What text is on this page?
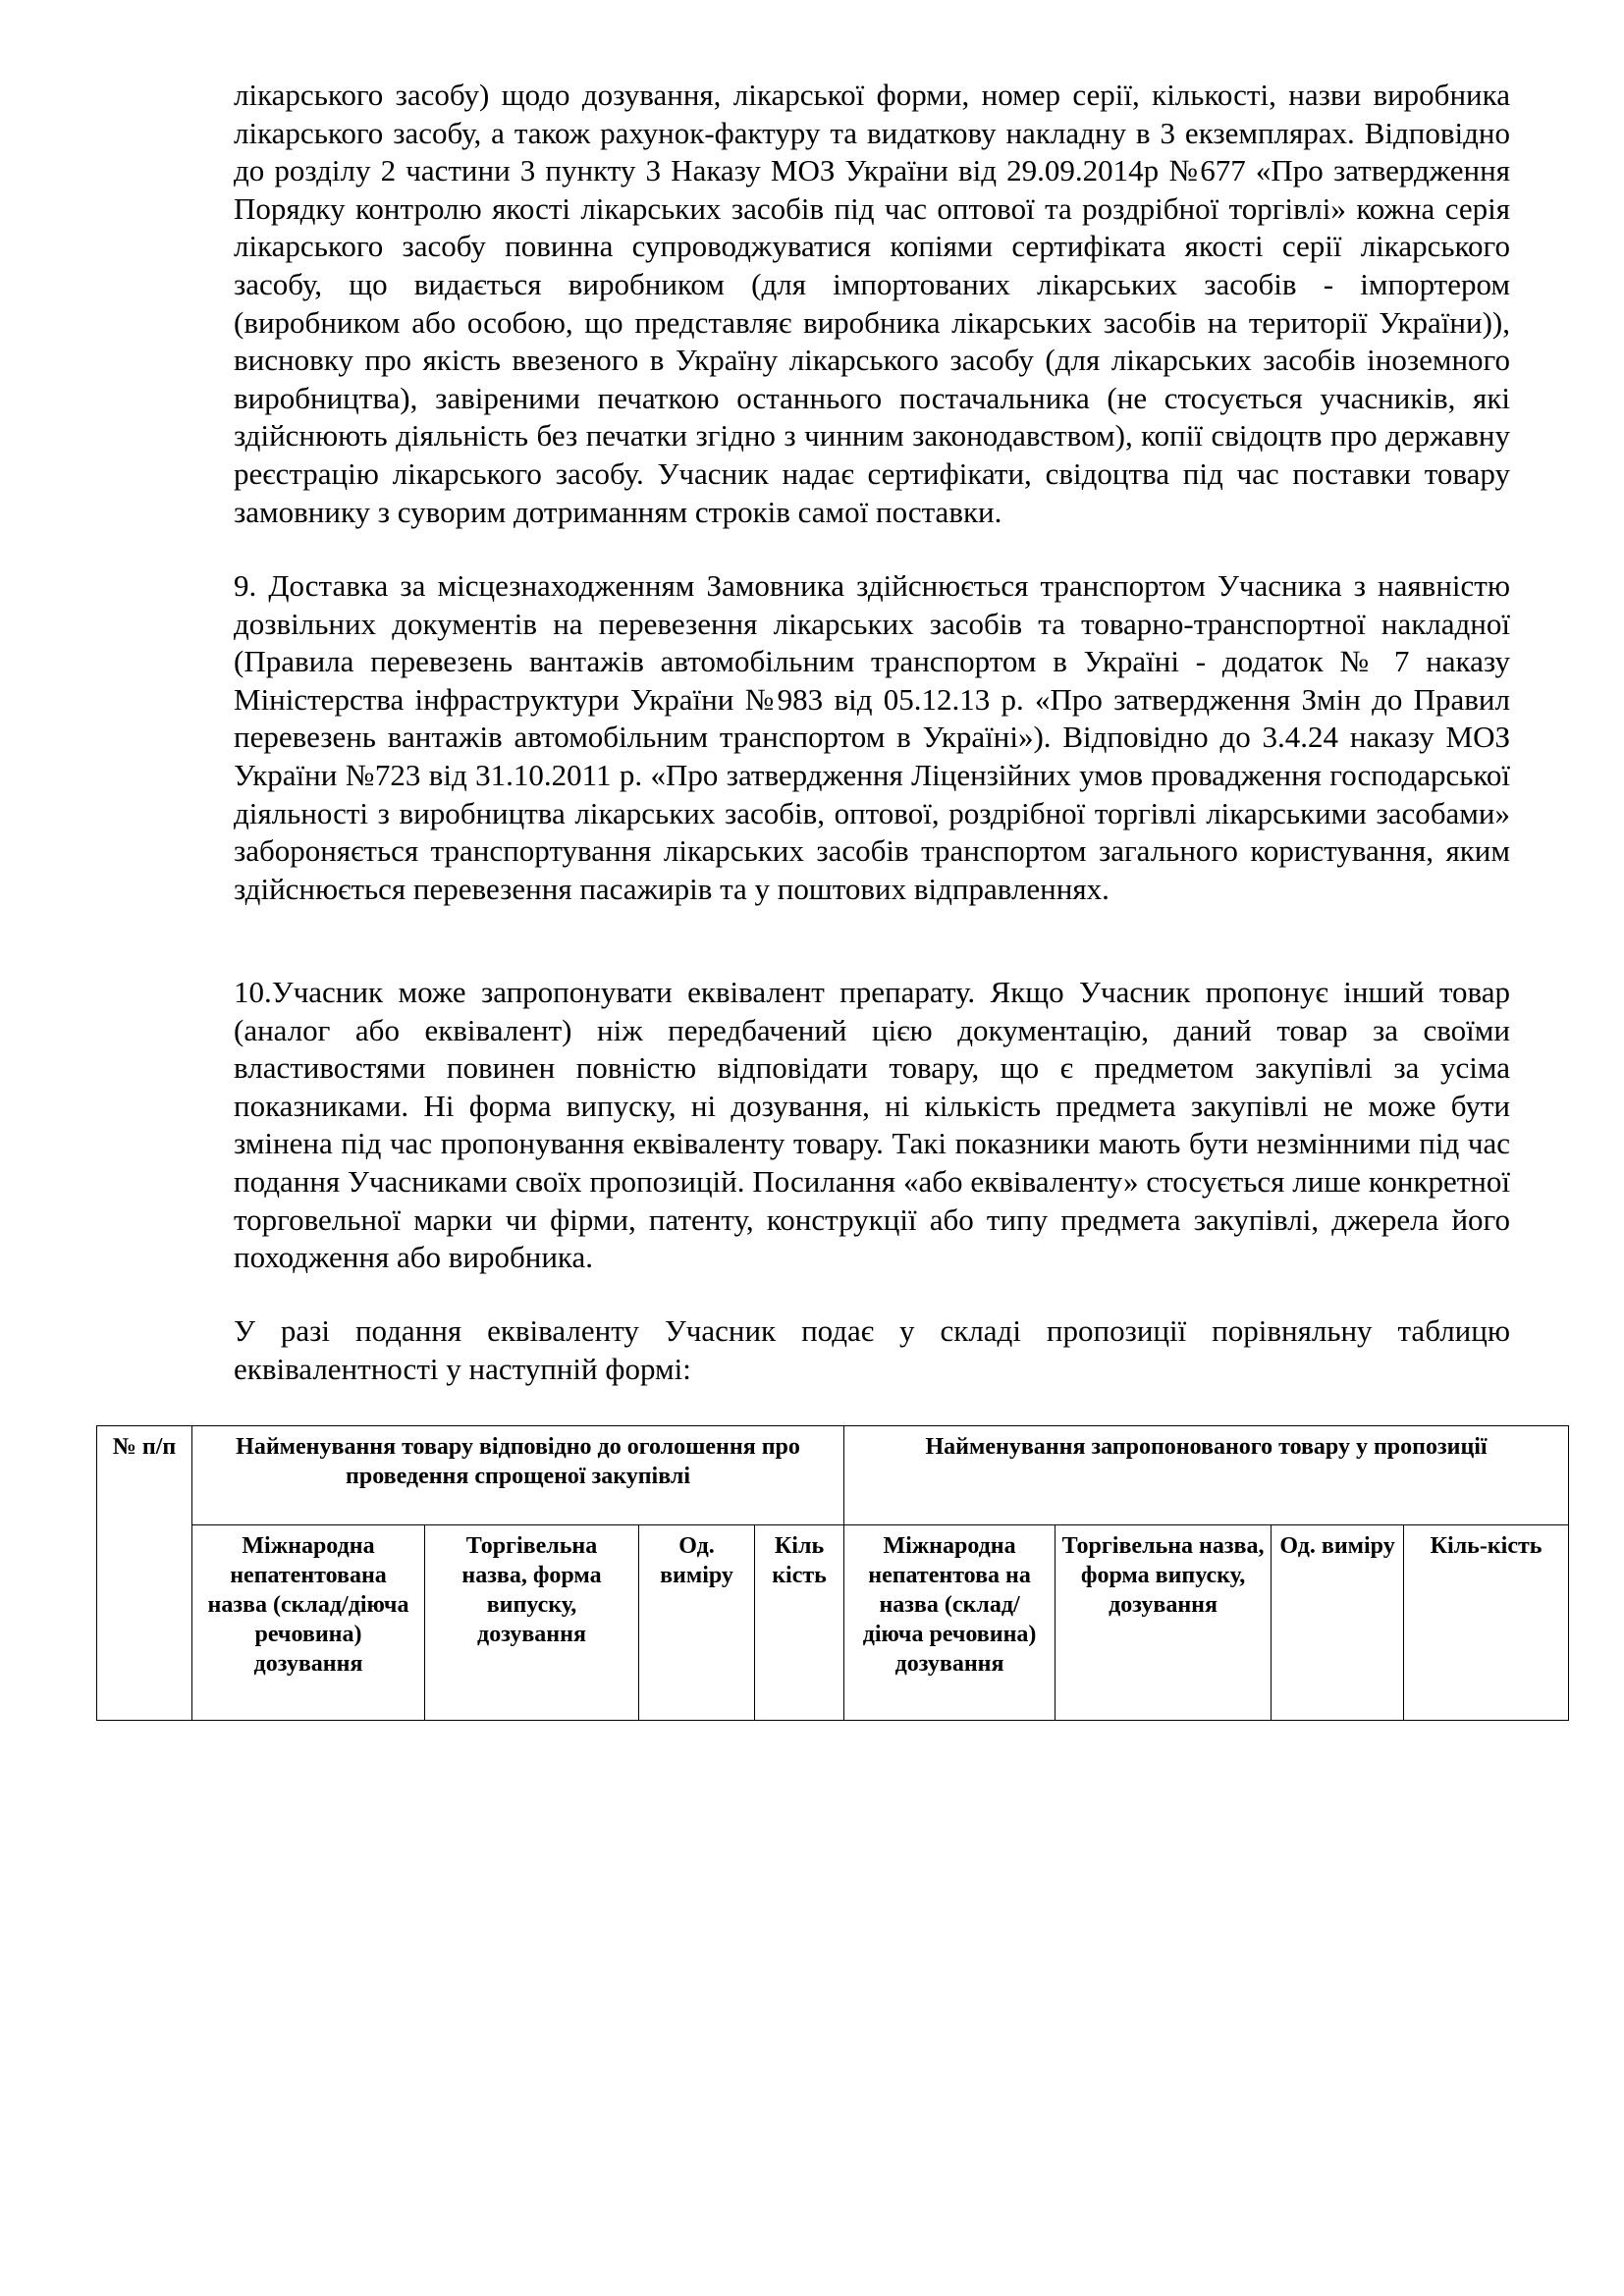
лікарського засобу) щодо дозування, лікарської форми, номер серії, кількості, назви виробника лікарського засобу, а також рахунок-фактуру та видаткову накладну в 3 екземплярах. Відповідно до розділу 2 частини 3 пункту 3 Наказу МОЗ України від 29.09.2014р №677 «Про затвердження Порядку контролю якості лікарських засобів під час оптової та роздрібної торгівлі» кожна серія лікарського засобу повинна супроводжуватися копіями сертифіката якості серії лікарського засобу, що видається виробником (для імпортованих лікарських засобів - імпортером (виробником або особою, що представляє виробника лікарських засобів на території України)), висновку про якість ввезеного в Україну лікарського засобу (для лікарських засобів іноземного виробництва), завіреними печаткою останнього постачальника (не стосується учасників, які здійснюють діяльність без печатки згідно з чинним законодавством), копії свідоцтв про державну реєстрацію лікарського засобу. Учасник надає сертифікати, свідоцтва під час поставки товару замовнику з суворим дотриманням строків самої поставки.

9. Доставка за місцезнаходженням Замовника здійснюється транспортом Учасника з наявністю дозвільних документів на перевезення лікарських засобів та товарно-транспортної накладної (Правила перевезень вантажів автомобільним транспортом в Україні - додаток № 7 наказу Міністерства інфраструктури України №983 від 05.12.13 р. «Про затвердження Змін до Правил перевезень вантажів автомобільним транспортом в Україні»). Відповідно до 3.4.24 наказу МОЗ України №723 від 31.10.2011 р. «Про затвердження Ліцензійних умов провадження господарської діяльності з виробництва лікарських засобів, оптової, роздрібної торгівлі лікарськими засобами» забороняється транспортування лікарських засобів транспортом загального користування, яким здійснюється перевезення пасажирів та у поштових відправленнях.

10.Учасник може запропонувати еквівалент препарату. Якщо Учасник пропонує інший товар (аналог або еквівалент) ніж передбачений цією документацію, даний товар за своїми властивостями повинен повністю відповідати товару, що є предметом закупівлі за усіма показниками. Ні форма випуску, ні дозування, ні кількість предмета закупівлі не може бути змінена під час пропонування еквіваленту товару. Такі показники мають бути незмінними під час подання Учасниками своїх пропозицій. Посилання «або еквіваленту» стосується лише конкретної торговельної марки чи фірми, патенту, конструкції або типу предмета закупівлі, джерела його походження або виробника.

У разі подання еквіваленту Учасник подає у складі пропозиції порівняльну таблицю еквівалентності у наступній формі:

№ п/п	Найменування товару відповідно до оголошення про проведення спрощеної закупівлі				Найменування запропонованого товару у пропозиції			
	Міжнародна непатентована назва (склад/діюча речовина) дозування	Торгівельна назва, форма випуску, дозування	Од. виміру	Кіль кість	Міжнародна непатентова на назва (склад/діюча речовина) дозування	Торгівельна назва, форма випуску, дозування	Од. виміру	Кіль-кість
